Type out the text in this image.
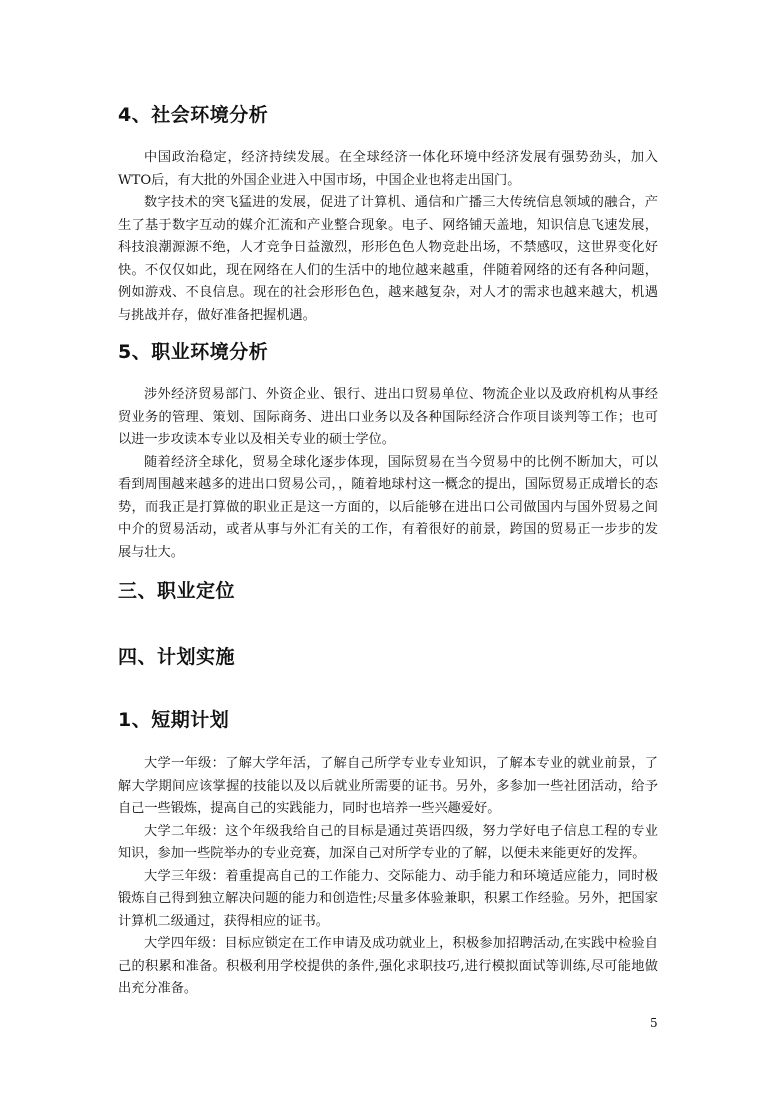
4、社会环境分析

中国政治稳定，经济持续发展。在全球经济一体化环境中经济发展有强势劲头，加入WTO后，有大批的外国企业进入中国市场，中国企业也将走出国门。

数字技术的突飞猛进的发展，促进了计算机、通信和广播三大传统信息领域的融合，产生了基于数字互动的媒介汇流和产业整合现象。电子、网络铺天盖地，知识信息飞速发展，科技浪潮源源不绝，人才竞争日益激烈，形形色色人物竞赴出场，不禁感叹，这世界变化好快。不仅仅如此，现在网络在人们的生活中的地位越来越重，伴随着网络的还有各种问题，例如游戏、不良信息。现在的社会形形色色，越来越复杂，对人才的需求也越来越大，机遇与挑战并存，做好准备把握机遇。

5、职业环境分析

涉外经济贸易部门、外资企业、银行、进出口贸易单位、物流企业以及政府机构从事经贸业务的管理、策划、国际商务、进出口业务以及各种国际经济合作项目谈判等工作；也可以进一步攻读本专业以及相关专业的硕士学位。

随着经济全球化，贸易全球化逐步体现，国际贸易在当今贸易中的比例不断加大，可以看到周围越来越多的进出口贸易公司，，随着地球村这一概念的提出，国际贸易正成增长的态势，而我正是打算做的职业正是这一方面的，以后能够在进出口公司做国内与国外贸易之间中介的贸易活动，或者从事与外汇有关的工作，有着很好的前景，跨国的贸易正一步步的发展与壮大。

三、职业定位
四、计划实施
1、短期计划

大学一年级：了解大学年活，了解自己所学专业专业知识，了解本专业的就业前景，了解大学期间应该掌握的技能以及以后就业所需要的证书。另外，多参加一些社团活动，给予自己一些锻炼，提高自己的实践能力，同时也培养一些兴趣爱好。

大学二年级：这个年级我给自己的目标是通过英语四级，努力学好电子信息工程的专业知识，参加一些院举办的专业竞赛，加深自己对所学专业的了解，以便未来能更好的发挥。

大学三年级：着重提高自己的工作能力、交际能力、动手能力和环境适应能力，同时极锻炼自己得到独立解决问题的能力和创造性;尽量多体验兼职，积累工作经验。另外，把国家计算机二级通过，获得相应的证书。

大学四年级：目标应锁定在工作申请及成功就业上，积极参加招聘活动,在实践中检验自己的积累和准备。积极利用学校提供的条件,强化求职技巧,进行模拟面试等训练,尽可能地做出充分准备。

5
